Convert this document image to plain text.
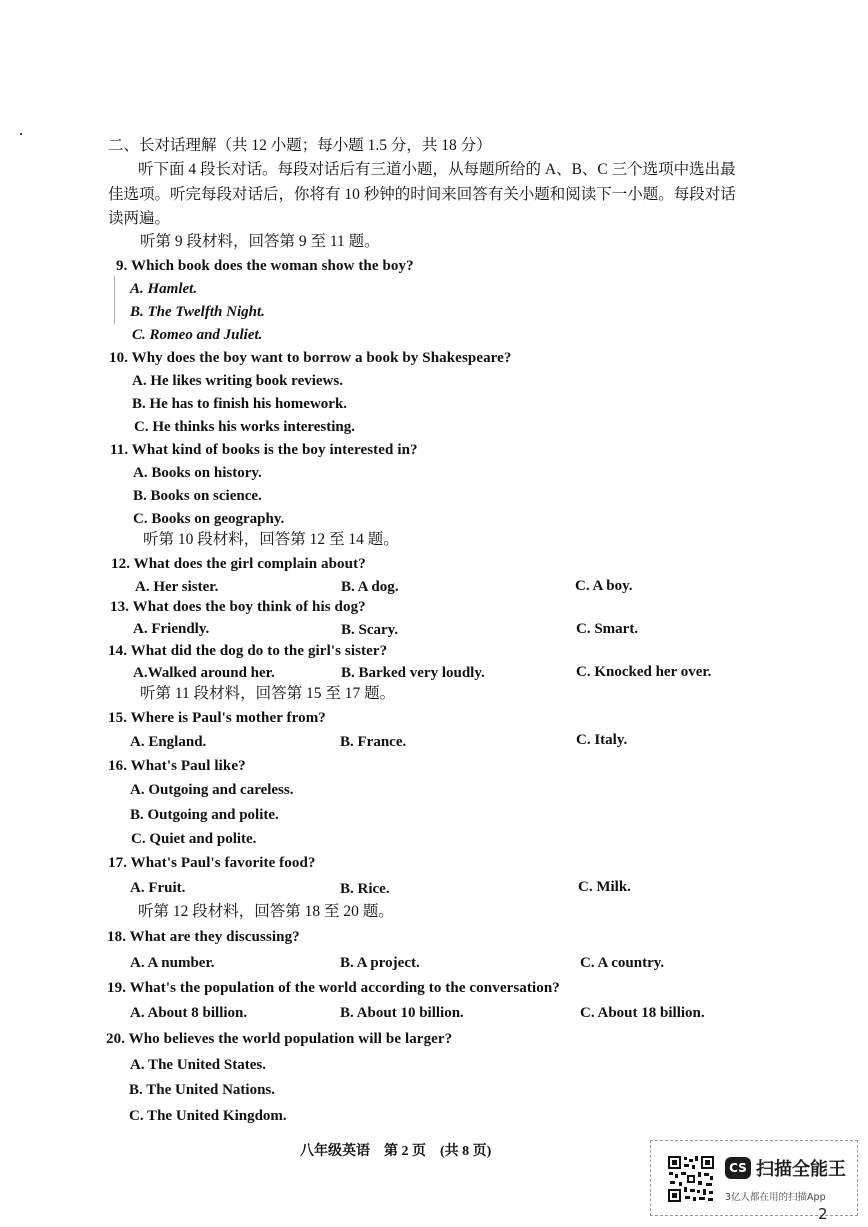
二、长对话理解（共 12 小题；每小题 1.5 分，共 18 分）
听下面 4 段长对话。每段对话后有三道小题，从每题所给的 A、B、C 三个选项中选出最
佳选项。听完每段对话后，你将有 10 秒钟的时间来回答有关小题和阅读下一小题。每段对话
读两遍。
听第 9 段材料，回答第 9 至 11 题。
9. Which book does the woman show the boy?
A. Hamlet.
B. The Twelfth Night.
C. Romeo and Juliet.
10. Why does the boy want to borrow a book by Shakespeare?
A. He likes writing book reviews.
B. He has to finish his homework.
C. He thinks his works interesting.
11. What kind of books is the boy interested in?
A. Books on history.
B. Books on science.
C. Books on geography.
听第 10 段材料，回答第 12 至 14 题。
12. What does the girl complain about?
A. Her sister.	B. A dog.	C. A boy.
13. What does the boy think of his dog?
A. Friendly.	B. Scary.	C. Smart.
14. What did the dog do to the girl's sister?
A.Walked around her.	B. Barked very loudly.	C. Knocked her over.
听第 11 段材料，回答第 15 至 17 题。
15. Where is Paul's mother from?
A. England.	B. France.	C. Italy.
16. What's Paul like?
A. Outgoing and careless.
B. Outgoing and polite.
C. Quiet and polite.
17. What's Paul's favorite food?
A. Fruit.	B. Rice.	C. Milk.
听第 12 段材料，回答第 18 至 20 题。
18. What are they discussing?
A. A number.	B. A project.	C. A country.
19. What's the population of the world according to the conversation?
A. About 8 billion.	B. About 10 billion.	C. About 18 billion.
20. Who believes the world population will be larger?
A. The United States.
B. The United Nations.
C. The United Kingdom.
八年级英语　第 2 页　(共 8 页)
CS 扫描全能王
3亿人都在用的扫描App
2
